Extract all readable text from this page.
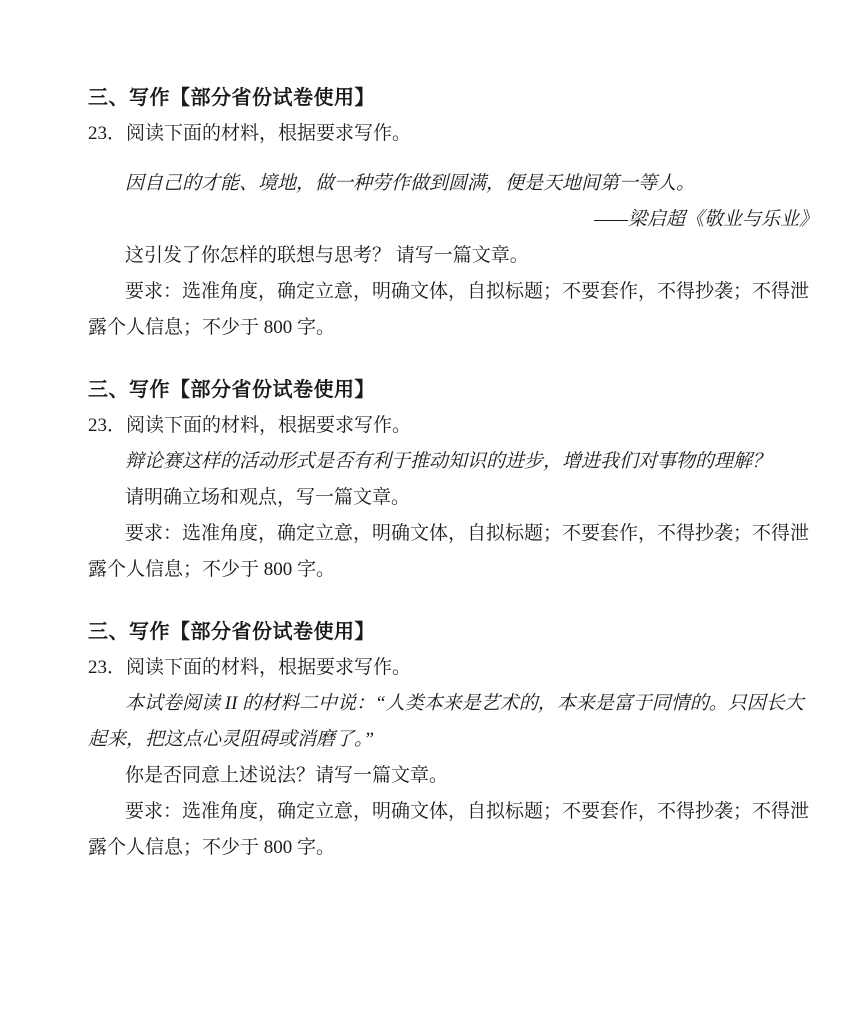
三、写作【部分省份试卷使用】

23．阅读下面的材料，根据要求写作。

因自己的才能、境地，做一种劳作做到圆满，便是天地间第一等人。

——梁启超《敬业与乐业》

这引发了你怎样的联想与思考？ 请写一篇文章。

要求：选准角度，确定立意，明确文体，自拟标题；不要套作，不得抄袭；不得泄露个人信息；不少于 800 字。

三、写作【部分省份试卷使用】

23．阅读下面的材料，根据要求写作。

辩论赛这样的活动形式是否有利于推动知识的进步，增进我们对事物的理解？

请明确立场和观点，写一篇文章。

要求：选准角度，确定立意，明确文体，自拟标题；不要套作，不得抄袭；不得泄露个人信息；不少于 800 字。

三、写作【部分省份试卷使用】

23．阅读下面的材料，根据要求写作。

本试卷阅读 II 的材料二中说：“人类本来是艺术的，本来是富于同情的。只因长大起来，把这点心灵阻碍或消磨了。”

你是否同意上述说法？请写一篇文章。

要求：选准角度，确定立意，明确文体，自拟标题；不要套作，不得抄袭；不得泄露个人信息；不少于 800 字。
